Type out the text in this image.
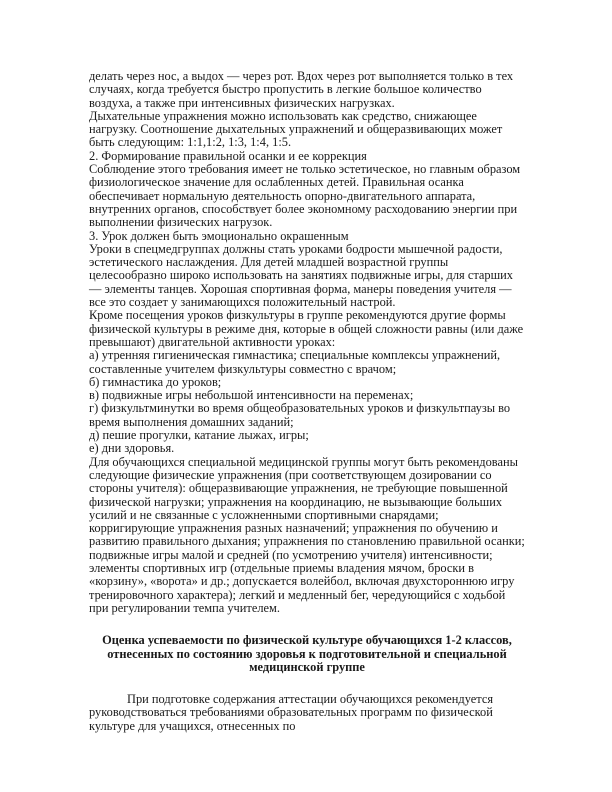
делать через нос, а выдох — через рот. Вдох через рот выполняется только в тех случаях, когда требуется быстро пропустить в легкие большое количество воздуха, а также при интенсивных физических нагрузках.

Дыхательные упражнения можно использовать как средство, снижающее нагрузку. Соотношение дыхательных упражнений и общеразвивающих может быть следующим: 1:1,1:2, 1:3, 1:4, 1:5.

2. Формирование правильной осанки и ее коррекция

Соблюдение этого требования имеет не только эстетическое, но главным образом физиологическое значение для ослабленных детей. Правильная осанка обеспечивает нормальную деятельность опорно-двигательного аппарата, внутренних органов, способствует более экономному расходованию энергии при выполнении физических нагрузок.

3. Урок должен быть эмоционально окрашенным

Уроки в спецмедгруппах должны стать уроками бодрости мышечной радости, эстетического наслаждения. Для детей младшей возрастной группы целесообразно широко использовать на занятиях подвижные игры, для старших — элементы танцев. Хорошая спортивная форма, манеры поведения учителя — все это создает у занимающихся положительный настрой.

Кроме посещения уроков физкультуры в группе рекомендуются другие формы физической культуры в режиме дня, которые в общей сложности равны (или даже превышают) двигательной активности уроках:

а) утренняя гигиеническая гимнастика; специальные комплексы упражнений, составленные учителем физкультуры совместно с врачом;

б) гимнастика до уроков;

в) подвижные игры небольшой интенсивности на переменах;

г) физкультминутки во время общеобразовательных уроков и физкультпаузы во время выполнения домашних заданий;

д) пешие прогулки, катание лыжах, игры;

е) дни здоровья.

Для обучающихся специальной медицинской группы могут быть рекомендованы следующие физические упражнения (при соответствующем дозировании со стороны учителя): общеразвивающие упражнения, не требующие повышенной физической нагрузки; упражнения на координацию, не вызывающие больших усилий и не связанные с усложненными спортивными снарядами; корригирующие упражнения разных назначений; упражнения по обучению и развитию правильного дыхания; упражнения по становлению правильной осанки; подвижные игры малой и средней (по усмотрению учителя) интенсивности; элементы спортивных игр (отдельные приемы владения мячом, броски в «корзину», «ворота» и др.; допускается волейбол, включая двухстороннюю игру тренировочного характера); легкий и медленный бег, чередующийся с ходьбой при регулировании темпа учителем.

Оценка успеваемости по физической культуре обучающихся 1-2 классов, отнесенных по состоянию здоровья к подготовительной и специальной медицинской группе

При подготовке содержания аттестации обучающихся рекомендуется руководствоваться требованиями образовательных программ по физической культуре для учащихся, отнесенных по
